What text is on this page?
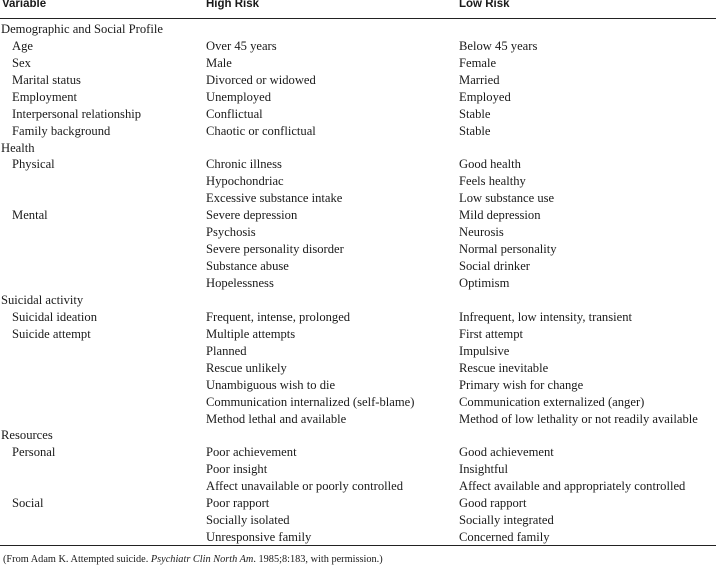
Variable	High Risk	Low Risk
Demographic and Social Profile		
Age	Over 45 years	Below 45 years
Sex	Male	Female
Marital status	Divorced or widowed	Married
Employment	Unemployed	Employed
Interpersonal relationship	Conflictual	Stable
Family background	Chaotic or conflictual	Stable
Health		
Physical	Chronic illness	Good health
	Hypochondriac	Feels healthy
	Excessive substance intake	Low substance use
Mental	Severe depression	Mild depression
	Psychosis	Neurosis
	Severe personality disorder	Normal personality
	Substance abuse	Social drinker
	Hopelessness	Optimism
Suicidal activity		
Suicidal ideation	Frequent, intense, prolonged	Infrequent, low intensity, transient
Suicide attempt	Multiple attempts	First attempt
	Planned	Impulsive
	Rescue unlikely	Rescue inevitable
	Unambiguous wish to die	Primary wish for change
	Communication internalized (self-blame)	Communication externalized (anger)
	Method lethal and available	Method of low lethality or not readily available
Resources		
Personal	Poor achievement	Good achievement
	Poor insight	Insightful
	Affect unavailable or poorly controlled	Affect available and appropriately controlled
Social	Poor rapport	Good rapport
	Socially isolated	Socially integrated
	Unresponsive family	Concerned family
(From Adam K. Attempted suicide. Psychiatr Clin North Am. 1985;8:183, with permission.)
